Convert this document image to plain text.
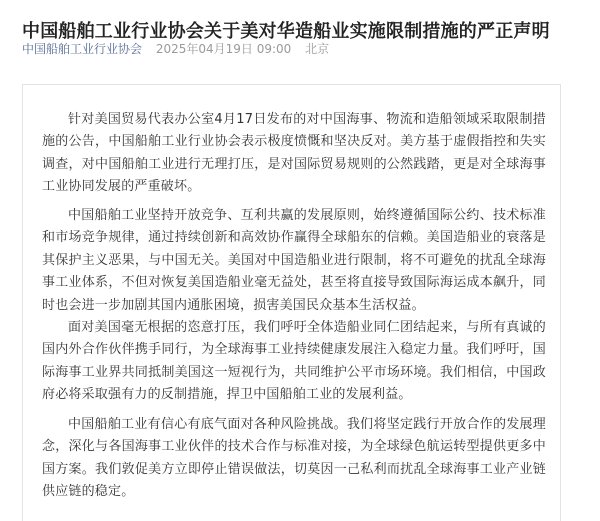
中国船舶工业行业协会关于美对华造船业实施限制措施的严正声明
中国船舶工业行业协会 2025年04月19日 09:00 北京

针对美国贸易代表办公室4月17日发布的对中国海事、物流和造船领域采取限制措施的公告，中国船舶工业行业协会表示极度愤慨和坚决反对。美方基于虚假指控和失实调查，对中国船舶工业进行无理打压，是对国际贸易规则的公然践踏，更是对全球海事工业协同发展的严重破坏。

中国船舶工业坚持开放竞争、互利共赢的发展原则，始终遵循国际公约、技术标准和市场竞争规律，通过持续创新和高效协作赢得全球船东的信赖。美国造船业的衰落是其保护主义恶果，与中国无关。美国对中国造船业进行限制，将不可避免的扰乱全球海事工业体系，不但对恢复美国造船业毫无益处，甚至将直接导致国际海运成本飙升，同时也会进一步加剧其国内通胀困境，损害美国民众基本生活权益。

面对美国毫无根据的恣意打压，我们呼吁全体造船业同仁团结起来，与所有真诚的国内外合作伙伴携手同行，为全球海事工业持续健康发展注入稳定力量。我们呼吁，国际海事工业界共同抵制美国这一短视行为，共同维护公平市场环境。我们相信，中国政府必将采取强有力的反制措施，捍卫中国船舶工业的发展利益。

中国船舶工业有信心有底气面对各种风险挑战。我们将坚定践行开放合作的发展理念，深化与各国海事工业伙伴的技术合作与标准对接，为全球绿色航运转型提供更多中国方案。我们敦促美方立即停止错误做法，切莫因一己私利而扰乱全球海事工业产业链供应链的稳定。
